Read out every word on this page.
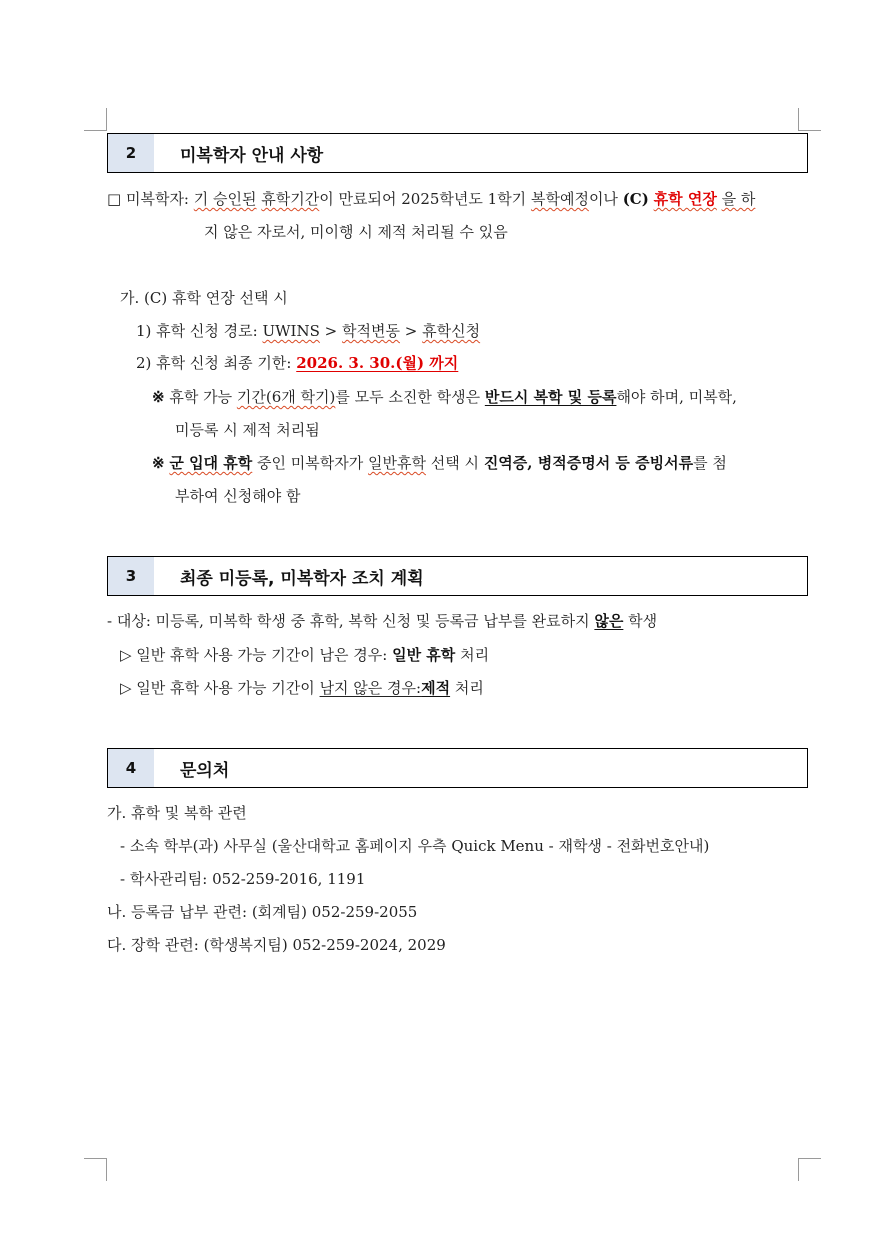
2	미복학자 안내 사항
□ 미복학자: 기 승인된 휴학기간이 만료되어 2025학년도 1학기 복학예정이나 (C) 휴학 연장 을 하
지 않은 자로서, 미이행 시 제적 처리될 수 있음
가. (C) 휴학 연장 선택 시
1) 휴학 신청 경로: UWINS > 학적변동 > 휴학신청
2) 휴학 신청 최종 기한: 2026. 3. 30.(월) 까지
※ 휴학 가능 기간(6개 학기)를 모두 소진한 학생은 반드시 복학 및 등록해야 하며, 미복학,
미등록 시 제적 처리됨
※ 군 입대 휴학 중인 미복학자가 일반휴학 선택 시 진역증, 병적증명서 등 증빙서류를 첨
부하여 신청해야 함
3	최종 미등록, 미복학자 조치 계획
- 대상: 미등록, 미복학 학생 중 휴학, 복학 신청 및 등록금 납부를 완료하지 않은 학생
▷ 일반 휴학 사용 가능 기간이 남은 경우: 일반 휴학 처리
▷ 일반 휴학 사용 가능 기간이 남지 않은 경우:제적 처리
4	문의처
가. 휴학 및 복학 관련
- 소속 학부(과) 사무실 (울산대학교 홈페이지 우측 Quick Menu - 재학생 - 전화번호안내)
- 학사관리팀: 052-259-2016, 1191
나. 등록금 납부 관련: (회계팀) 052-259-2055
다. 장학 관련: (학생복지팀) 052-259-2024, 2029
